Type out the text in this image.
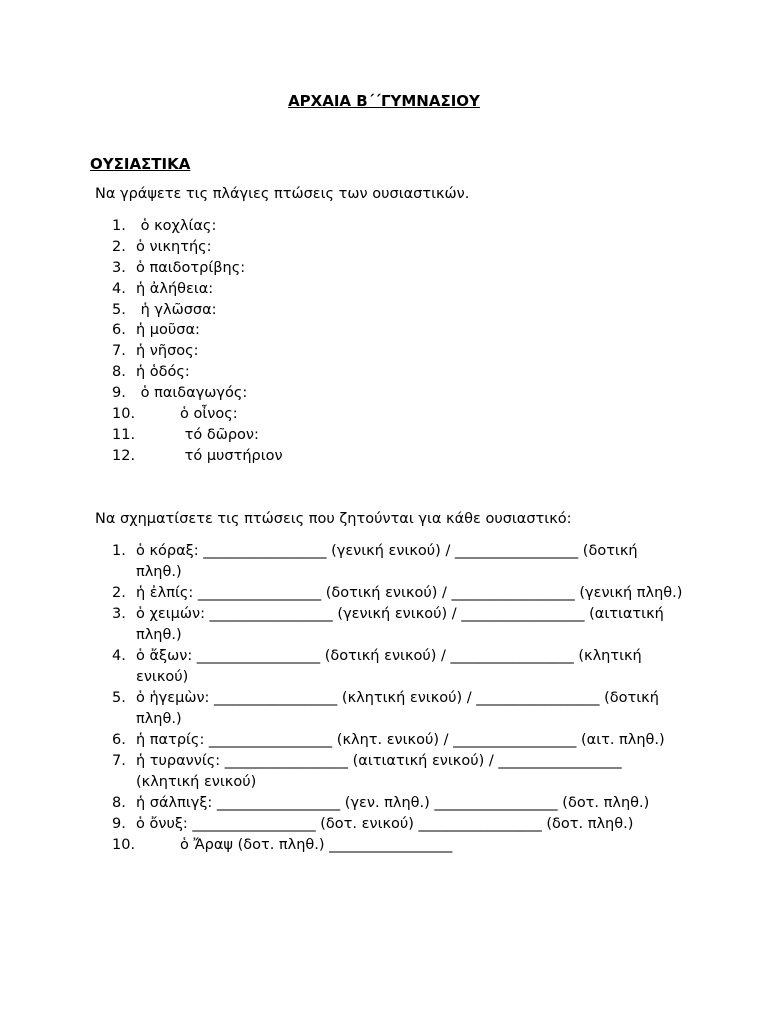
ΑΡΧΑΙΑ Β΄΄ΓΥΜΝΑΣΙΟΥ
ΟΥΣΙΑΣΤΙΚΑ
Να γράψετε τις πλάγιες πτώσεις των ουσιαστικών.
1. ὁ κοχλίας:
2. ὁ νικητής:
3. ὁ παιδοτρίβης:
4. ἡ ἀλήθεια:
5. ἡ γλῶσσα:
6. ἡ μοῦσα:
7. ἡ νῆσος:
8. ἡ ὁδός:
9. ὁ παιδαγωγός:
10.	ὁ οἶνος:
11.	τό δῶρον:
12.	τό μυστήριον
Να σχηματίσετε τις πτώσεις που ζητούνται για κάθε ουσιαστικό:
1. ὁ κόραξ: _________________ (γενική ενικού) / _________________ (δοτική πληθ.)
2. ἡ ἐλπίς: _________________ (δοτική ενικού) / _________________ (γενική πληθ.)
3. ὁ χειμών: _________________ (γενική ενικού) / _________________ (αιτιατική πληθ.)
4. ὁ ἄξων: _________________ (δοτική ενικού) / _________________ (κλητική ενικού)
5. ὁ ἡγεμὼν: _________________ (κλητική ενικού) / _________________ (δοτική πληθ.)
6. ἡ πατρίς: _________________ (κλητ. ενικού) / _________________ (αιτ. πληθ.)
7. ἡ τυραννίς: _________________ (αιτιατική ενικού) / _________________ (κλητική ενικού)
8. ἡ σάλπιγξ: _________________ (γεν. πληθ.) _________________ (δοτ. πληθ.)
9. ὁ ὄνυξ: _________________ (δοτ. ενικού) _________________ (δοτ. πληθ.)
10.	ὁ Ἄραψ (δοτ. πληθ.) _________________
